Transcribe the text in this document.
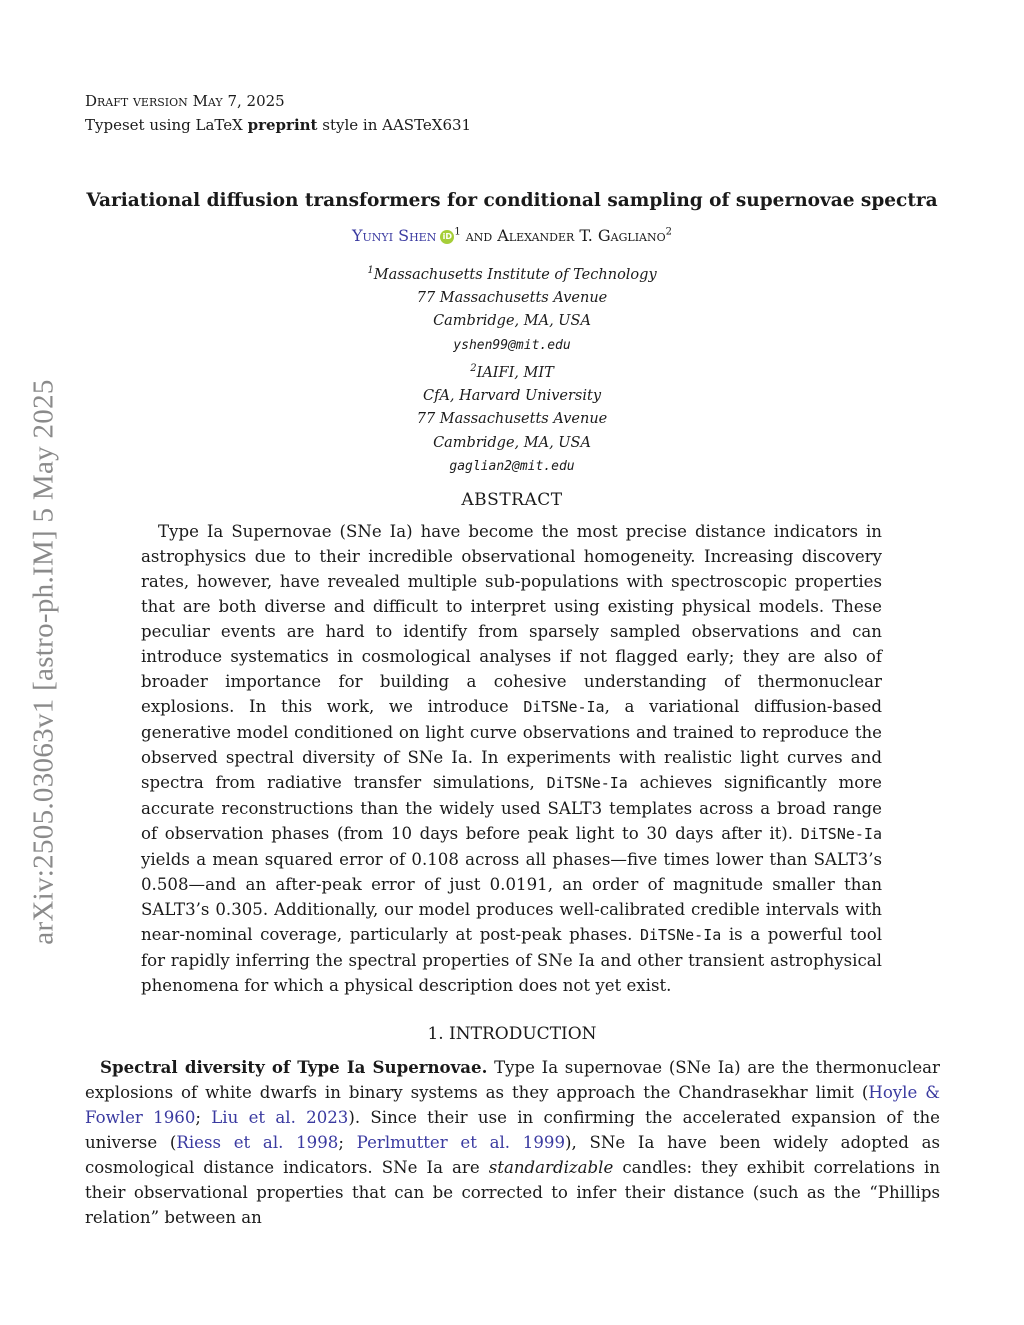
Draft version May 7, 2025
Typeset using LaTeX preprint style in AASTeX631
Variational diffusion transformers for conditional sampling of supernovae spectra
Yunyi Shen iD $^1$ and Alexander T. Gagliano$^2$
$^1$Massachusetts Institute of Technology
77 Massachusetts Avenue
Cambridge, MA, USA
yshen99@mit.edu
$^2$IAIFI, MIT
CfA, Harvard University
77 Massachusetts Avenue
Cambridge, MA, USA
gaglian2@mit.edu
ABSTRACT
Type Ia Supernovae (SNe Ia) have become the most precise distance indicators in astrophysics due to their incredible observational homogeneity. Increasing discovery rates, however, have revealed multiple sub-populations with spectroscopic properties that are both diverse and difficult to interpret using existing physical models. These peculiar events are hard to identify from sparsely sampled observations and can introduce systematics in cosmological analyses if not flagged early; they are also of broader importance for building a cohesive understanding of thermonuclear explosions. In this work, we introduce DiTSNe-Ia, a variational diffusion-based generative model conditioned on light curve observations and trained to reproduce the observed spectral diversity of SNe Ia. In experiments with realistic light curves and spectra from radiative transfer simulations, DiTSNe-Ia achieves significantly more accurate reconstructions than the widely used SALT3 templates across a broad range of observation phases (from 10 days before peak light to 30 days after it). DiTSNe-Ia yields a mean squared error of 0.108 across all phases—five times lower than SALT3’s 0.508—and an after-peak error of just 0.0191, an order of magnitude smaller than SALT3’s 0.305. Additionally, our model produces well-calibrated credible intervals with near-nominal coverage, particularly at post-peak phases. DiTSNe-Ia is a powerful tool for rapidly inferring the spectral properties of SNe Ia and other transient astrophysical phenomena for which a physical description does not yet exist.
1. INTRODUCTION
Spectral diversity of Type Ia Supernovae. Type Ia supernovae (SNe Ia) are the thermonuclear explosions of white dwarfs in binary systems as they approach the Chandrasekhar limit (Hoyle & Fowler 1960; Liu et al. 2023). Since their use in confirming the accelerated expansion of the universe (Riess et al. 1998; Perlmutter et al. 1999), SNe Ia have been widely adopted as cosmological distance indicators. SNe Ia are standardizable candles: they exhibit correlations in their observational properties that can be corrected to infer their distance (such as the “Phillips relation” between an
arXiv:2505.03063v1 [astro-ph.IM] 5 May 2025
